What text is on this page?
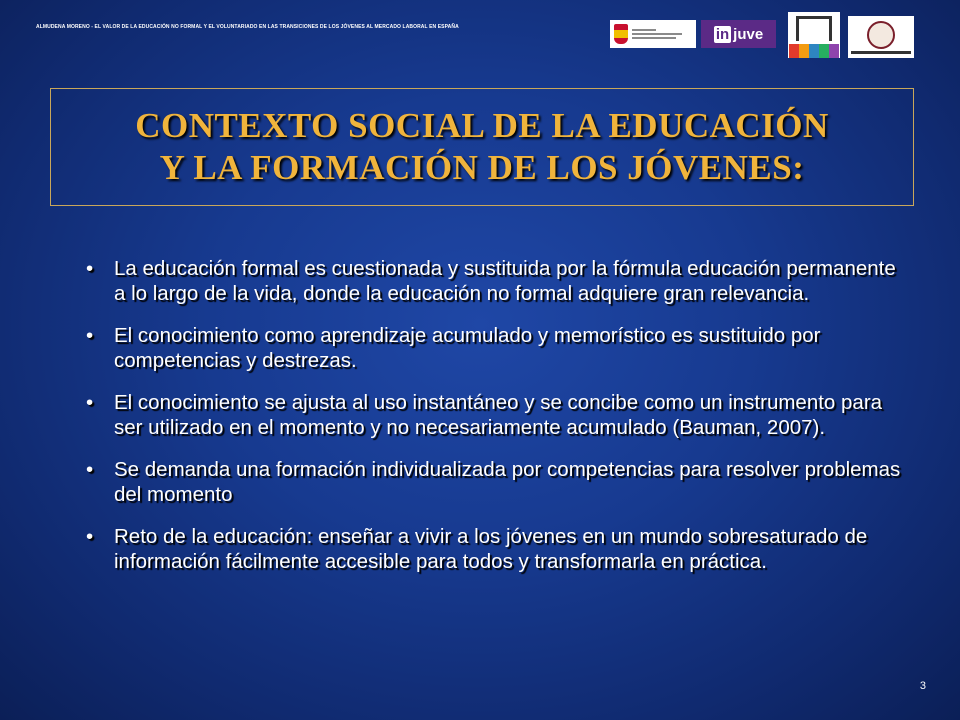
ALMUDENA MORENO - EL VALOR DE LA EDUCACIÓN NO FORMAL Y EL VOLUNTARIADO EN LAS TRANSICIONES DE LOS JÓVENES AL MERCADO LABORAL EN ESPAÑA	in juve
CONTEXTO SOCIAL DE LA EDUCACIÓN
Y LA FORMACIÓN DE LOS JÓVENES:
•	La educación formal es cuestionada y sustituida por la fórmula educación permanente a lo largo de la vida, donde la educación no formal adquiere gran relevancia.
•	El conocimiento como aprendizaje acumulado y memorístico es sustituido por competencias y destrezas.
•	El conocimiento se ajusta al uso instantáneo y se concibe como un instrumento para ser utilizado en el momento y no necesariamente acumulado (Bauman, 2007).
•	Se demanda una formación individualizada por competencias para resolver problemas del momento
•	Reto de la educación: enseñar a vivir a los jóvenes en un mundo sobresaturado de información fácilmente accesible para todos y transformarla en práctica.
3
